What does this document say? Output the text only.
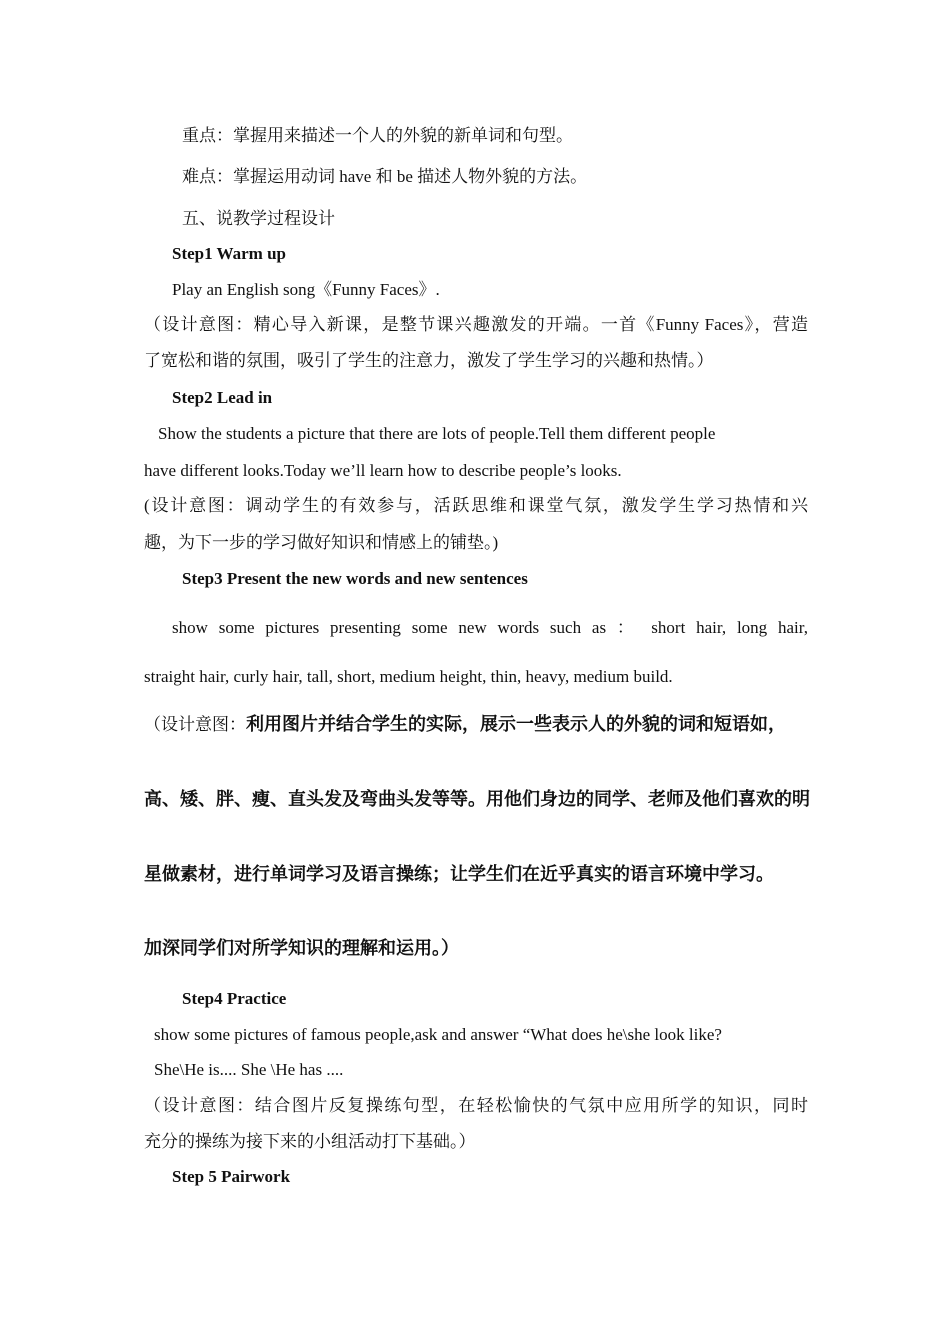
重点：掌握用来描述一个人的外貌的新单词和句型。
难点：掌握运用动词 have 和 be 描述人物外貌的方法。
五、说教学过程设计
Step1 Warm up
Play an English song《Funny Faces》.
（设计意图：精心导入新课，是整节课兴趣激发的开端。一首《Funny Faces》，营造
了宽松和谐的氛围，吸引了学生的注意力，激发了学生学习的兴趣和热情。）
Step2 Lead in
Show the students a picture that there are lots of people.Tell them different people
have different looks.Today we’ll learn how to describe people’s looks.
(设计意图：调动学生的有效参与，活跃思维和课堂气氛，激发学生学习热情和兴
趣，为下一步的学习做好知识和情感上的铺垫。)
Step3 Present the new words and new sentences
show some pictures presenting some new words such as ： short hair, long hair,
straight hair, curly hair, tall, short, medium height, thin, heavy, medium build.
（设计意图：利用图片并结合学生的实际，展示一些表示人的外貌的词和短语如，
高、矮、胖、瘦、直头发及弯曲头发等等。用他们身边的同学、老师及他们喜欢的明
星做素材，进行单词学习及语言操练；让学生们在近乎真实的语言环境中学习。
加深同学们对所学知识的理解和运用。）
Step4 Practice
show some pictures of famous people,ask and answer “What does he\she look like?
She\He is.... She \He has ....
（设计意图：结合图片反复操练句型，在轻松愉快的气氛中应用所学的知识，同时
充分的操练为接下来的小组活动打下基础。）
Step 5 Pairwork
